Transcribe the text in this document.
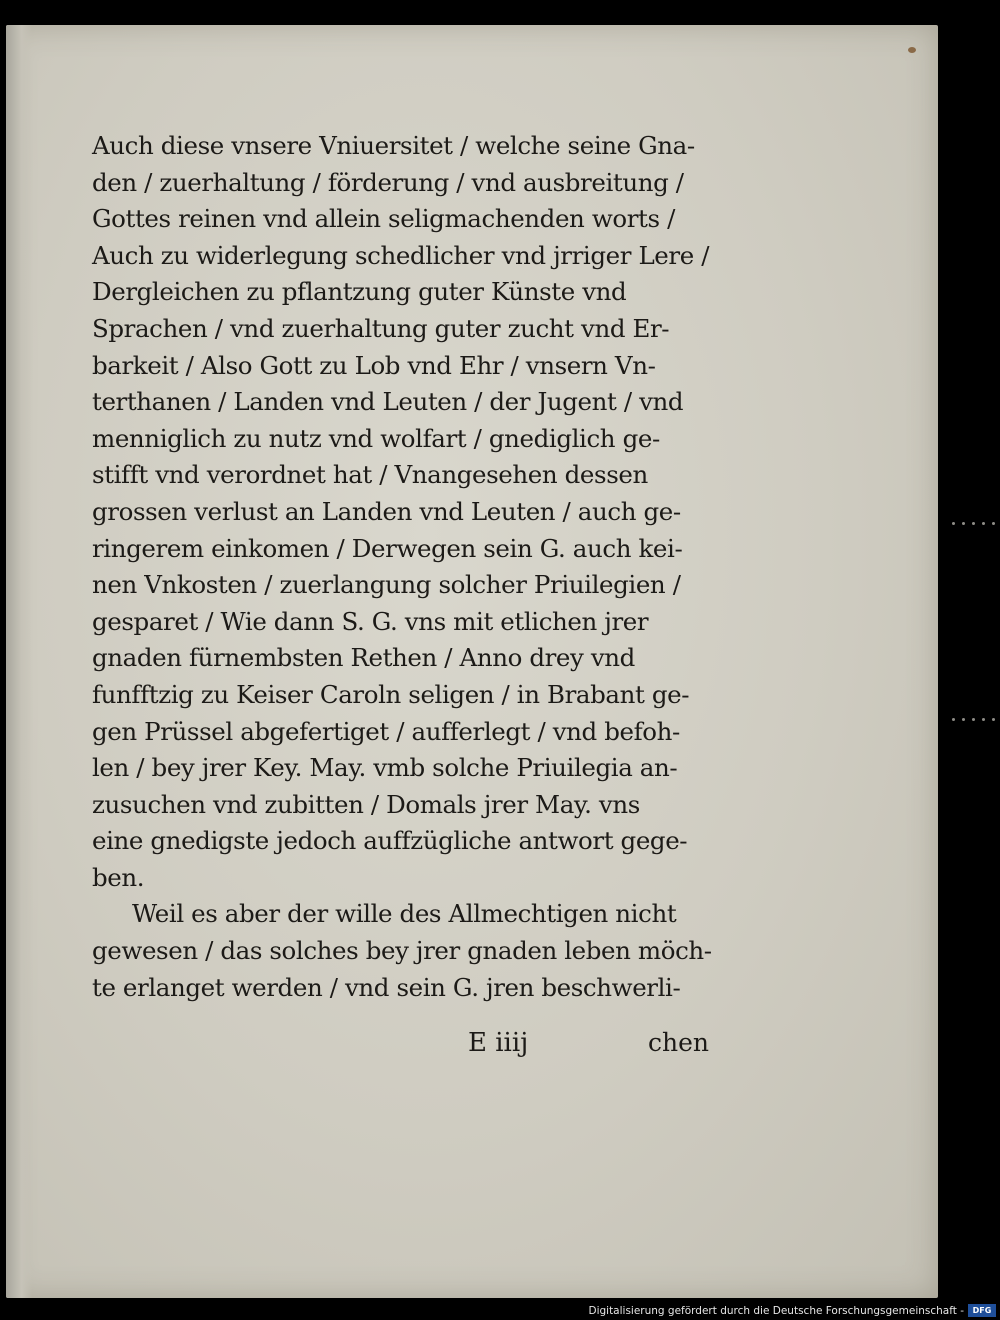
Auch diese vnsere Vniuersitet / welche seine Gna-
den / zuerhaltung / förderung / vnd ausbreitung /
Gottes reinen vnd allein seligmachenden worts /
Auch zu widerlegung schedlicher vnd jrriger Lere /
Dergleichen zu pflantzung guter Künste vnd
Sprachen / vnd zuerhaltung guter zucht vnd Er-
barkeit / Also Gott zu Lob vnd Ehr / vnsern Vn-
terthanen / Landen vnd Leuten / der Jugent / vnd
menniglich zu nutz vnd wolfart / gnediglich ge-
stifft vnd verordnet hat / Vnangesehen dessen
grossen verlust an Landen vnd Leuten / auch ge-
ringerem einkomen / Derwegen sein G. auch kei-
nen Vnkosten / zuerlangung solcher Priuilegien /
gesparet / Wie dann S. G. vns mit etlichen jrer
gnaden fürnembsten Rethen / Anno drey vnd
funfftzig zu Keiser Caroln seligen / in Brabant ge-
gen Prüssel abgefertiget / aufferlegt / vnd befoh-
len / bey jrer Key. May. vmb solche Priuilegia an-
zusuchen vnd zubitten / Domals jrer May. vns
eine gnedigste jedoch auffzügliche antwort gege-
ben.
Weil es aber der wille des Allmechtigen nicht
gewesen / das solches bey jrer gnaden leben möch-
te erlanget werden / vnd sein G. jren beschwerli-
E iiij	chen
Digitalisierung gefördert durch die Deutsche Forschungsgemeinschaft -	DFG
